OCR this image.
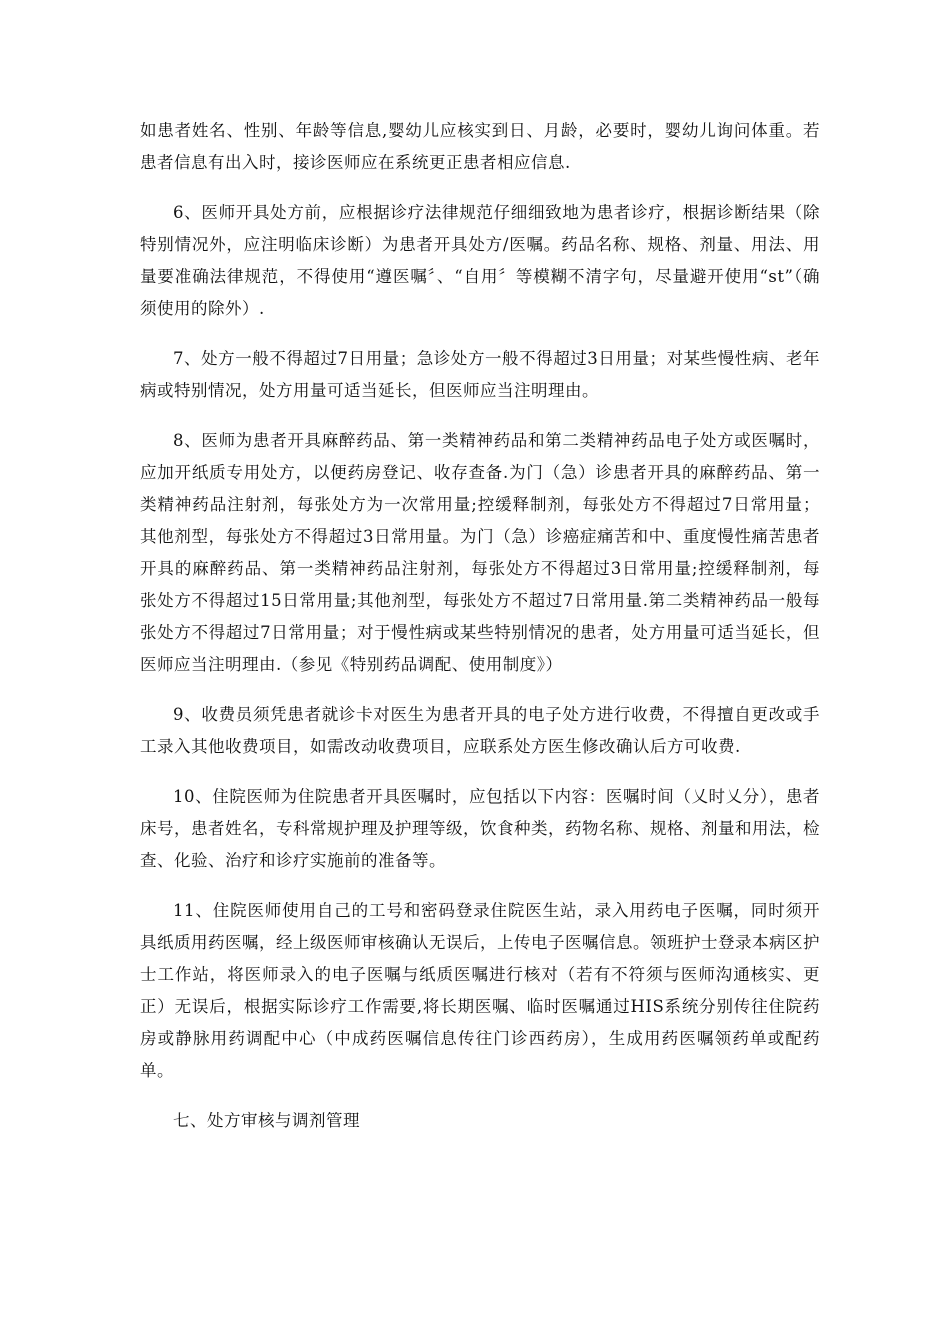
如患者姓名、性别、年龄等信息,婴幼儿应核实到日、月龄，必要时，婴幼儿询问体重。若患者信息有出入时，接诊医师应在系统更正患者相应信息.

6、医师开具处方前，应根据诊疗法律规范仔细细致地为患者诊疗，根据诊断结果（除特别情况外，应注明临床诊断）为患者开具处方/医嘱。药品名称、规格、剂量、用法、用量要准确法律规范，不得使用“遵医嘱〞、“自用〞等模糊不清字句，尽量避开使用“st”（确须使用的除外）.

7、处方一般不得超过7日用量；急诊处方一般不得超过3日用量；对某些慢性病、老年病或特别情况，处方用量可适当延长，但医师应当注明理由。

8、医师为患者开具麻醉药品、第一类精神药品和第二类精神药品电子处方或医嘱时，应加开纸质专用处方，以便药房登记、收存查备.为门（急）诊患者开具的麻醉药品、第一类精神药品注射剂，每张处方为一次常用量;控缓释制剂，每张处方不得超过7日常用量；其他剂型，每张处方不得超过3日常用量。为门（急）诊癌症痛苦和中、重度慢性痛苦患者开具的麻醉药品、第一类精神药品注射剂，每张处方不得超过3日常用量;控缓释制剂，每张处方不得超过15日常用量;其他剂型，每张处方不超过7日常用量.第二类精神药品一般每张处方不得超过7日常用量；对于慢性病或某些特别情况的患者，处方用量可适当延长，但医师应当注明理由.（参见《特别药品调配、使用制度》）

9、收费员须凭患者就诊卡对医生为患者开具的电子处方进行收费，不得擅自更改或手工录入其他收费项目，如需改动收费项目，应联系处方医生修改确认后方可收费.

10、住院医师为住院患者开具医嘱时，应包括以下内容：医嘱时间（乂时乂分），患者床号，患者姓名，专科常规护理及护理等级，饮食种类，药物名称、规格、剂量和用法，检查、化验、治疗和诊疗实施前的准备等。

11、住院医师使用自己的工号和密码登录住院医生站，录入用药电子医嘱，同时须开具纸质用药医嘱，经上级医师审核确认无误后，上传电子医嘱信息。领班护士登录本病区护士工作站，将医师录入的电子医嘱与纸质医嘱进行核对（若有不符须与医师沟通核实、更正）无误后，根据实际诊疗工作需要,将长期医嘱、临时医嘱通过HIS系统分别传往住院药房或静脉用药调配中心（中成药医嘱信息传往门诊西药房），生成用药医嘱领药单或配药单。

七、处方审核与调剂管理
